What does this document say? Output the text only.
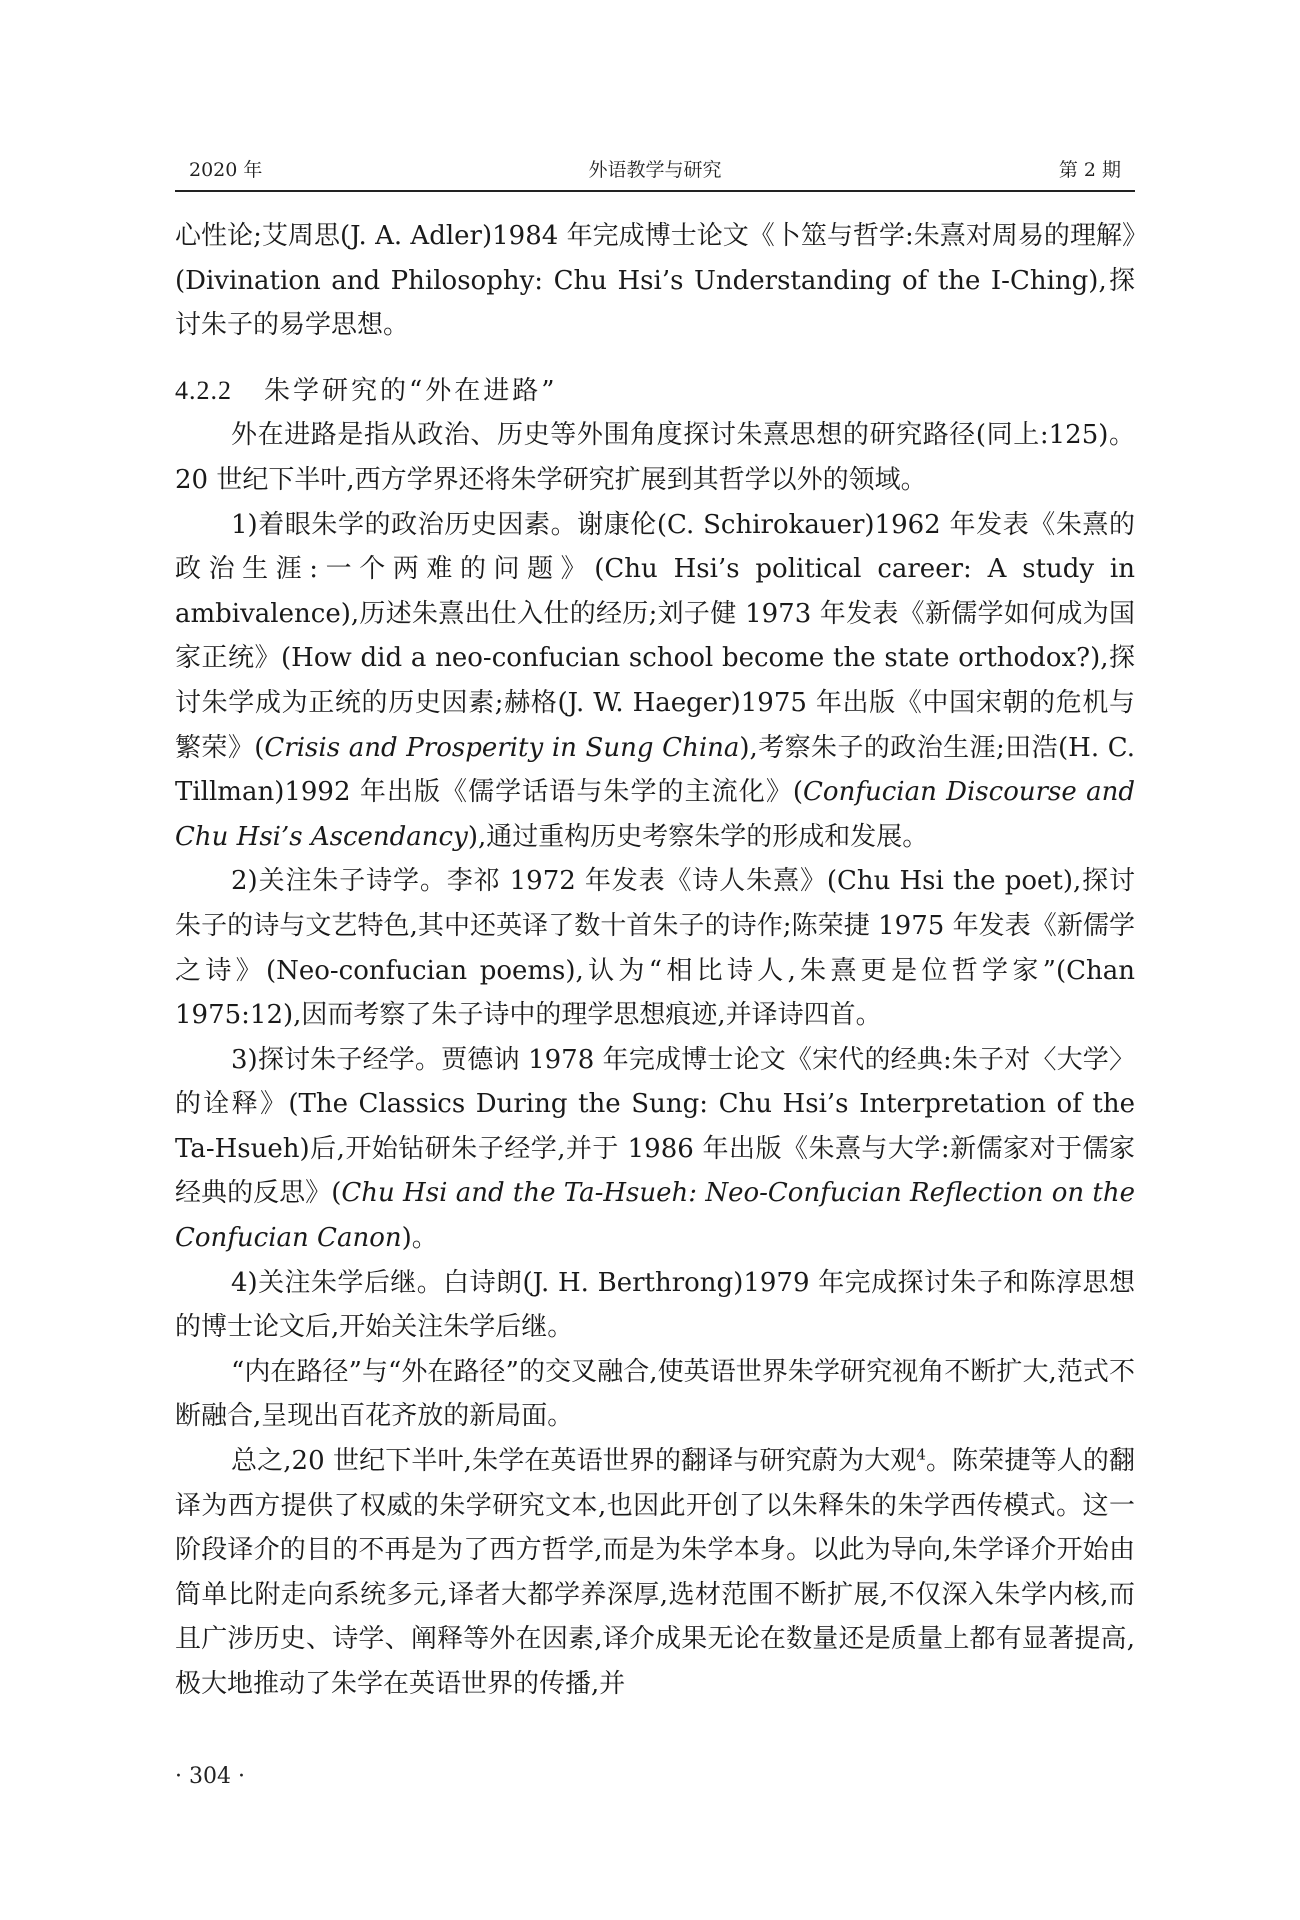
2020 年	外语教学与研究	第 2 期

心性论;艾周思(J. A. Adler)1984 年完成博士论文《卜筮与哲学:朱熹对周易的理解》(Divination and Philosophy: Chu Hsi’s Understanding of the I-Ching),探讨朱子的易学思想。

4.2.2 朱学研究的“外在进路”

外在进路是指从政治、历史等外围角度探讨朱熹思想的研究路径(同上:125)。20 世纪下半叶,西方学界还将朱学研究扩展到其哲学以外的领域。

1)着眼朱学的政治历史因素。谢康伦(C. Schirokauer)1962 年发表《朱熹的政治生涯:一个两难的问题》(Chu Hsi’s political career: A study in ambivalence),历述朱熹出仕入仕的经历;刘子健 1973 年发表《新儒学如何成为国家正统》(How did a neo-confucian school become the state orthodox?),探讨朱学成为正统的历史因素;赫格(J. W. Haeger)1975 年出版《中国宋朝的危机与繁荣》(Crisis and Prosperity in Sung China),考察朱子的政治生涯;田浩(H. C. Tillman)1992 年出版《儒学话语与朱学的主流化》(Confucian Discourse and Chu Hsi’s Ascendancy),通过重构历史考察朱学的形成和发展。

2)关注朱子诗学。李祁 1972 年发表《诗人朱熹》(Chu Hsi the poet),探讨朱子的诗与文艺特色,其中还英译了数十首朱子的诗作;陈荣捷 1975 年发表《新儒学之诗》(Neo-confucian poems),认为“相比诗人,朱熹更是位哲学家”(Chan 1975:12),因而考察了朱子诗中的理学思想痕迹,并译诗四首。

3)探讨朱子经学。贾德讷 1978 年完成博士论文《宋代的经典:朱子对〈大学〉的诠释》(The Classics During the Sung: Chu Hsi’s Interpretation of the Ta-Hsueh)后,开始钻研朱子经学,并于 1986 年出版《朱熹与大学:新儒家对于儒家经典的反思》(Chu Hsi and the Ta-Hsueh: Neo-Confucian Reflection on the Confucian Canon)。

4)关注朱学后继。白诗朗(J. H. Berthrong)1979 年完成探讨朱子和陈淳思想的博士论文后,开始关注朱学后继。

“内在路径”与“外在路径”的交叉融合,使英语世界朱学研究视角不断扩大,范式不断融合,呈现出百花齐放的新局面。

总之,20 世纪下半叶,朱学在英语世界的翻译与研究蔚为大观$^4$。陈荣捷等人的翻译为西方提供了权威的朱学研究文本,也因此开创了以朱释朱的朱学西传模式。这一阶段译介的目的不再是为了西方哲学,而是为朱学本身。以此为导向,朱学译介开始由简单比附走向系统多元,译者大都学养深厚,选材范围不断扩展,不仅深入朱学内核,而且广涉历史、诗学、阐释等外在因素,译介成果无论在数量还是质量上都有显著提高,极大地推动了朱学在英语世界的传播,并

· 304 ·
